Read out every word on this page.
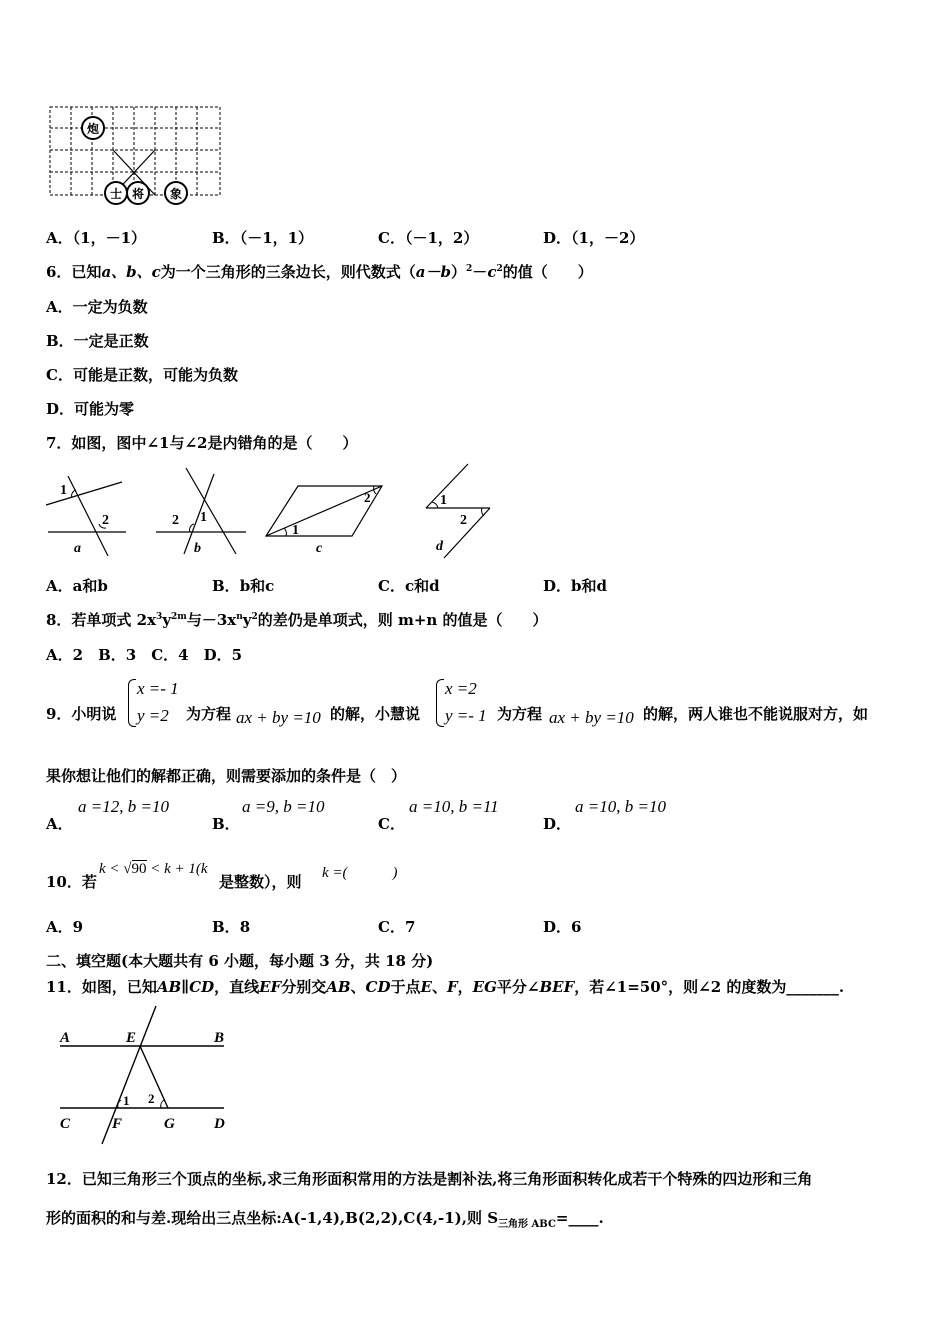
炮
士 将 象
A．（1，－1）	B．（－1，1）	C．（－1，2）	D．（1，－2）
6．已知a、b、c为一个三角形的三条边长，则代数式$(a-b)^2-c^2$的值（　　）
A．一定为负数
B．一定是正数
C．可能是正数，可能为负数
D．可能为零
7．如图，图中∠1与∠2是内错角的是（　　）
1
2
a
2 1
b
2
1
c
1
2
d
A．a和b	B．b和c	C．c和d	D．b和d
8．若单项式 $2x^3y^{2m}$与$-3x^ny^2$的差仍是单项式，则 m+n 的值是（　　）
A．2　B．3　C．4　D．5
9．小明说
x =- 1
y =2 为方程 ax + by =10 的解，小慧说
x =2
y =- 1 为方程 ax + by =10 的解，两人谁也不能说服对方，如
果你想让他们的解都正确，则需要添加的条件是（　）
A．
a =12, b =10
B．
a =9, b =10
C．
a =10, b =11
D．
a =10, b =10
10．若
k < √90 < k + 1(k
是整数），则 k =(　　　)
A．9	B．8	C．7	D．6
二、填空题(本大题共有 6 小题，每小题 3 分，共 18 分)
11．如图，已知AB∥CD，直线EF分别交AB、CD于点E、F，EG平分∠BEF，若∠1=50°，则∠2 的度数为_______.
A	E	B
C	F	G	D
1 2
12．已知三角形三个顶点的坐标,求三角形面积常用的方法是割补法,将三角形面积转化成若干个特殊的四边形和三角
形的面积的和与差.现给出三点坐标:A(-1,4),B(2,2),C(4,-1),则 $S_{三角形 ABC}=\_\_\_\_$.
